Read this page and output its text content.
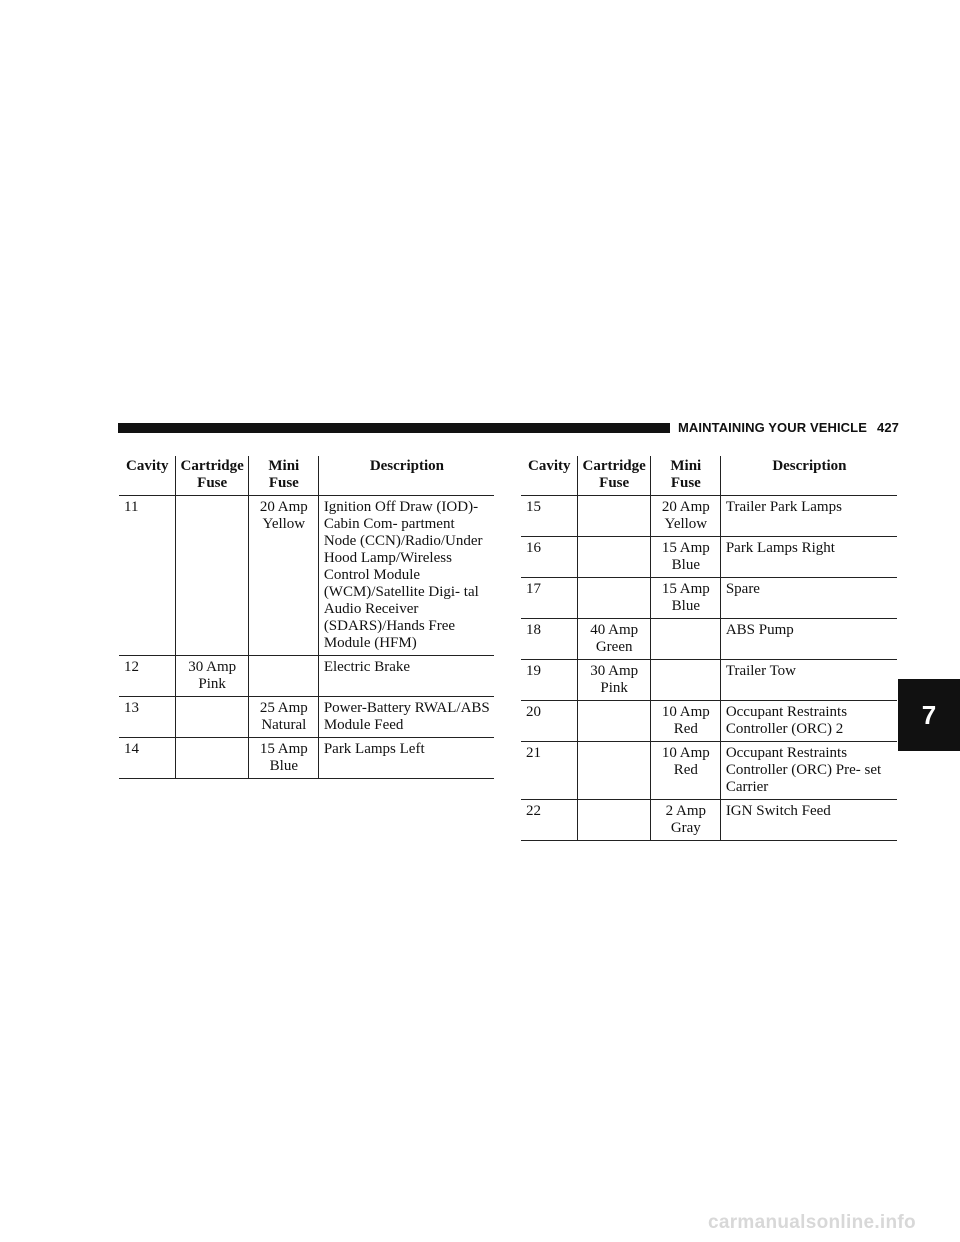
MAINTAINING YOUR VEHICLE 427
Cavity	Cartridge Fuse	Mini Fuse	Description
11		20 Amp Yellow	Ignition Off Draw (IOD)-Cabin Com- partment Node (CCN)/Radio/Under Hood Lamp/Wireless Control Module (WCM)/Satellite Digi- tal Audio Receiver (SDARS)/Hands Free Module (HFM)
12	30 Amp Pink		Electric Brake
13		25 Amp Natural	Power-Battery RWAL/ABS Module Feed
14		15 Amp Blue	Park Lamps Left
Cavity	Cartridge Fuse	Mini Fuse	Description
15		20 Amp Yellow	Trailer Park Lamps
16		15 Amp Blue	Park Lamps Right
17		15 Amp Blue	Spare
18	40 Amp Green		ABS Pump
19	30 Amp Pink		Trailer Tow
20		10 Amp Red	Occupant Restraints Controller (ORC) 2
21		10 Amp Red	Occupant Restraints Controller (ORC) Pre- set Carrier
22		2 Amp Gray	IGN Switch Feed
7
carmanualsonline.info
